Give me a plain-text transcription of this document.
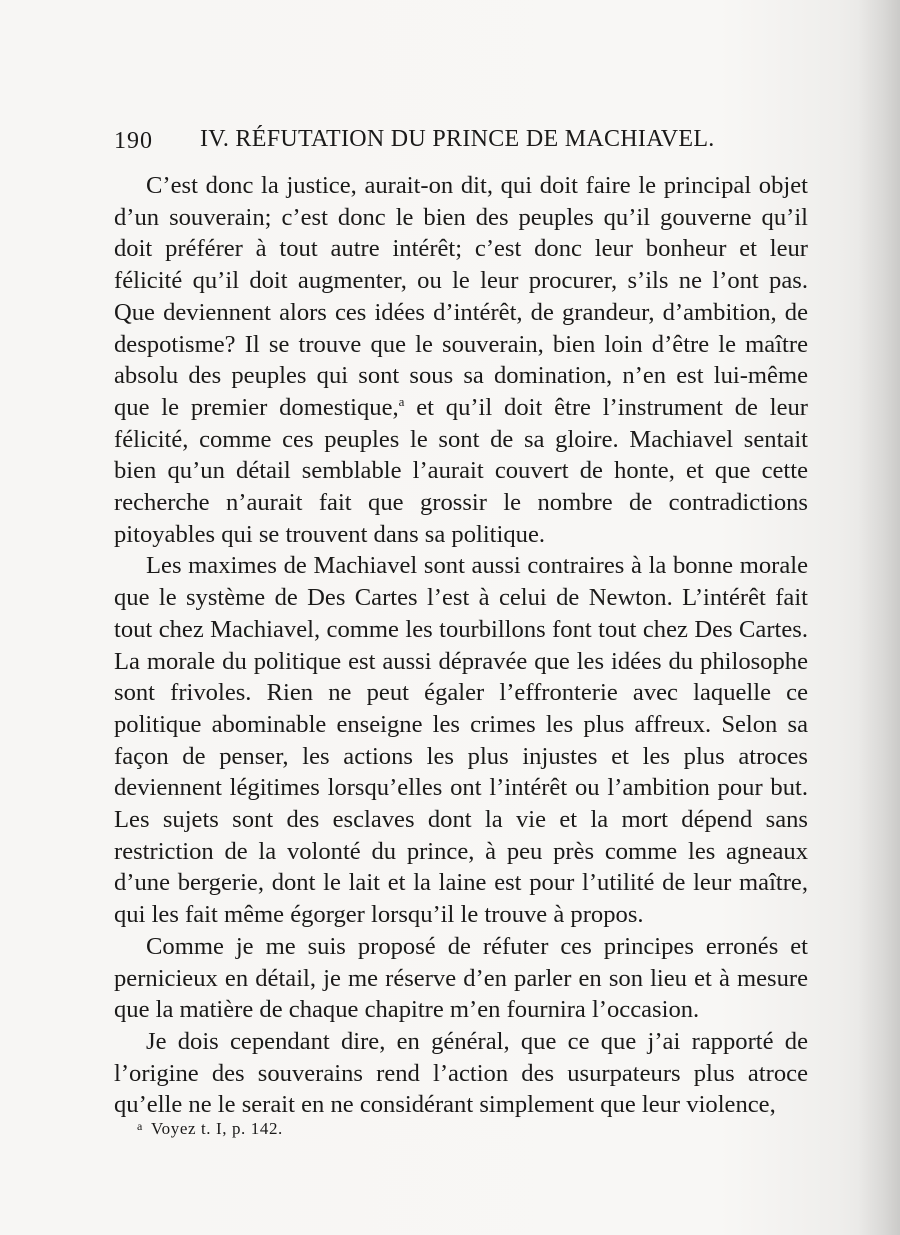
190 IV. RÉFUTATION DU PRINCE DE MACHIAVEL.

C’est donc la justice, aurait-on dit, qui doit faire le principal objet d’un souverain; c’est donc le bien des peuples qu’il gouverne qu’il doit préférer à tout autre intérêt; c’est donc leur bonheur et leur félicité qu’il doit augmenter, ou le leur procurer, s’ils ne l’ont pas. Que deviennent alors ces idées d’intérêt, de grandeur, d’ambition, de despotisme? Il se trouve que le souverain, bien loin d’être le maître absolu des peuples qui sont sous sa domination, n’en est lui-même que le premier domestique,$^a$ et qu’il doit être l’instrument de leur félicité, comme ces peuples le sont de sa gloire. Machiavel sentait bien qu’un détail semblable l’aurait couvert de honte, et que cette recherche n’aurait fait que grossir le nombre de contradictions pitoyables qui se trouvent dans sa politique.

Les maximes de Machiavel sont aussi contraires à la bonne morale que le système de Des Cartes l’est à celui de Newton. L’intérêt fait tout chez Machiavel, comme les tourbillons font tout chez Des Cartes. La morale du politique est aussi dépravée que les idées du philosophe sont frivoles. Rien ne peut égaler l’effronterie avec laquelle ce politique abominable enseigne les crimes les plus affreux. Selon sa façon de penser, les actions les plus injustes et les plus atroces deviennent légitimes lorsqu’elles ont l’intérêt ou l’ambition pour but. Les sujets sont des esclaves dont la vie et la mort dépend sans restriction de la volonté du prince, à peu près comme les agneaux d’une bergerie, dont le lait et la laine est pour l’utilité de leur maître, qui les fait même égorger lorsqu’il le trouve à propos.

Comme je me suis proposé de réfuter ces principes erronés et pernicieux en détail, je me réserve d’en parler en son lieu et à mesure que la matière de chaque chapitre m’en fournira l’occasion.

Je dois cependant dire, en général, que ce que j’ai rapporté de l’origine des souverains rend l’action des usurpateurs plus atroce qu’elle ne le serait en ne considérant simplement que leur violence,

$^a$ Voyez t. I, p. 142.
